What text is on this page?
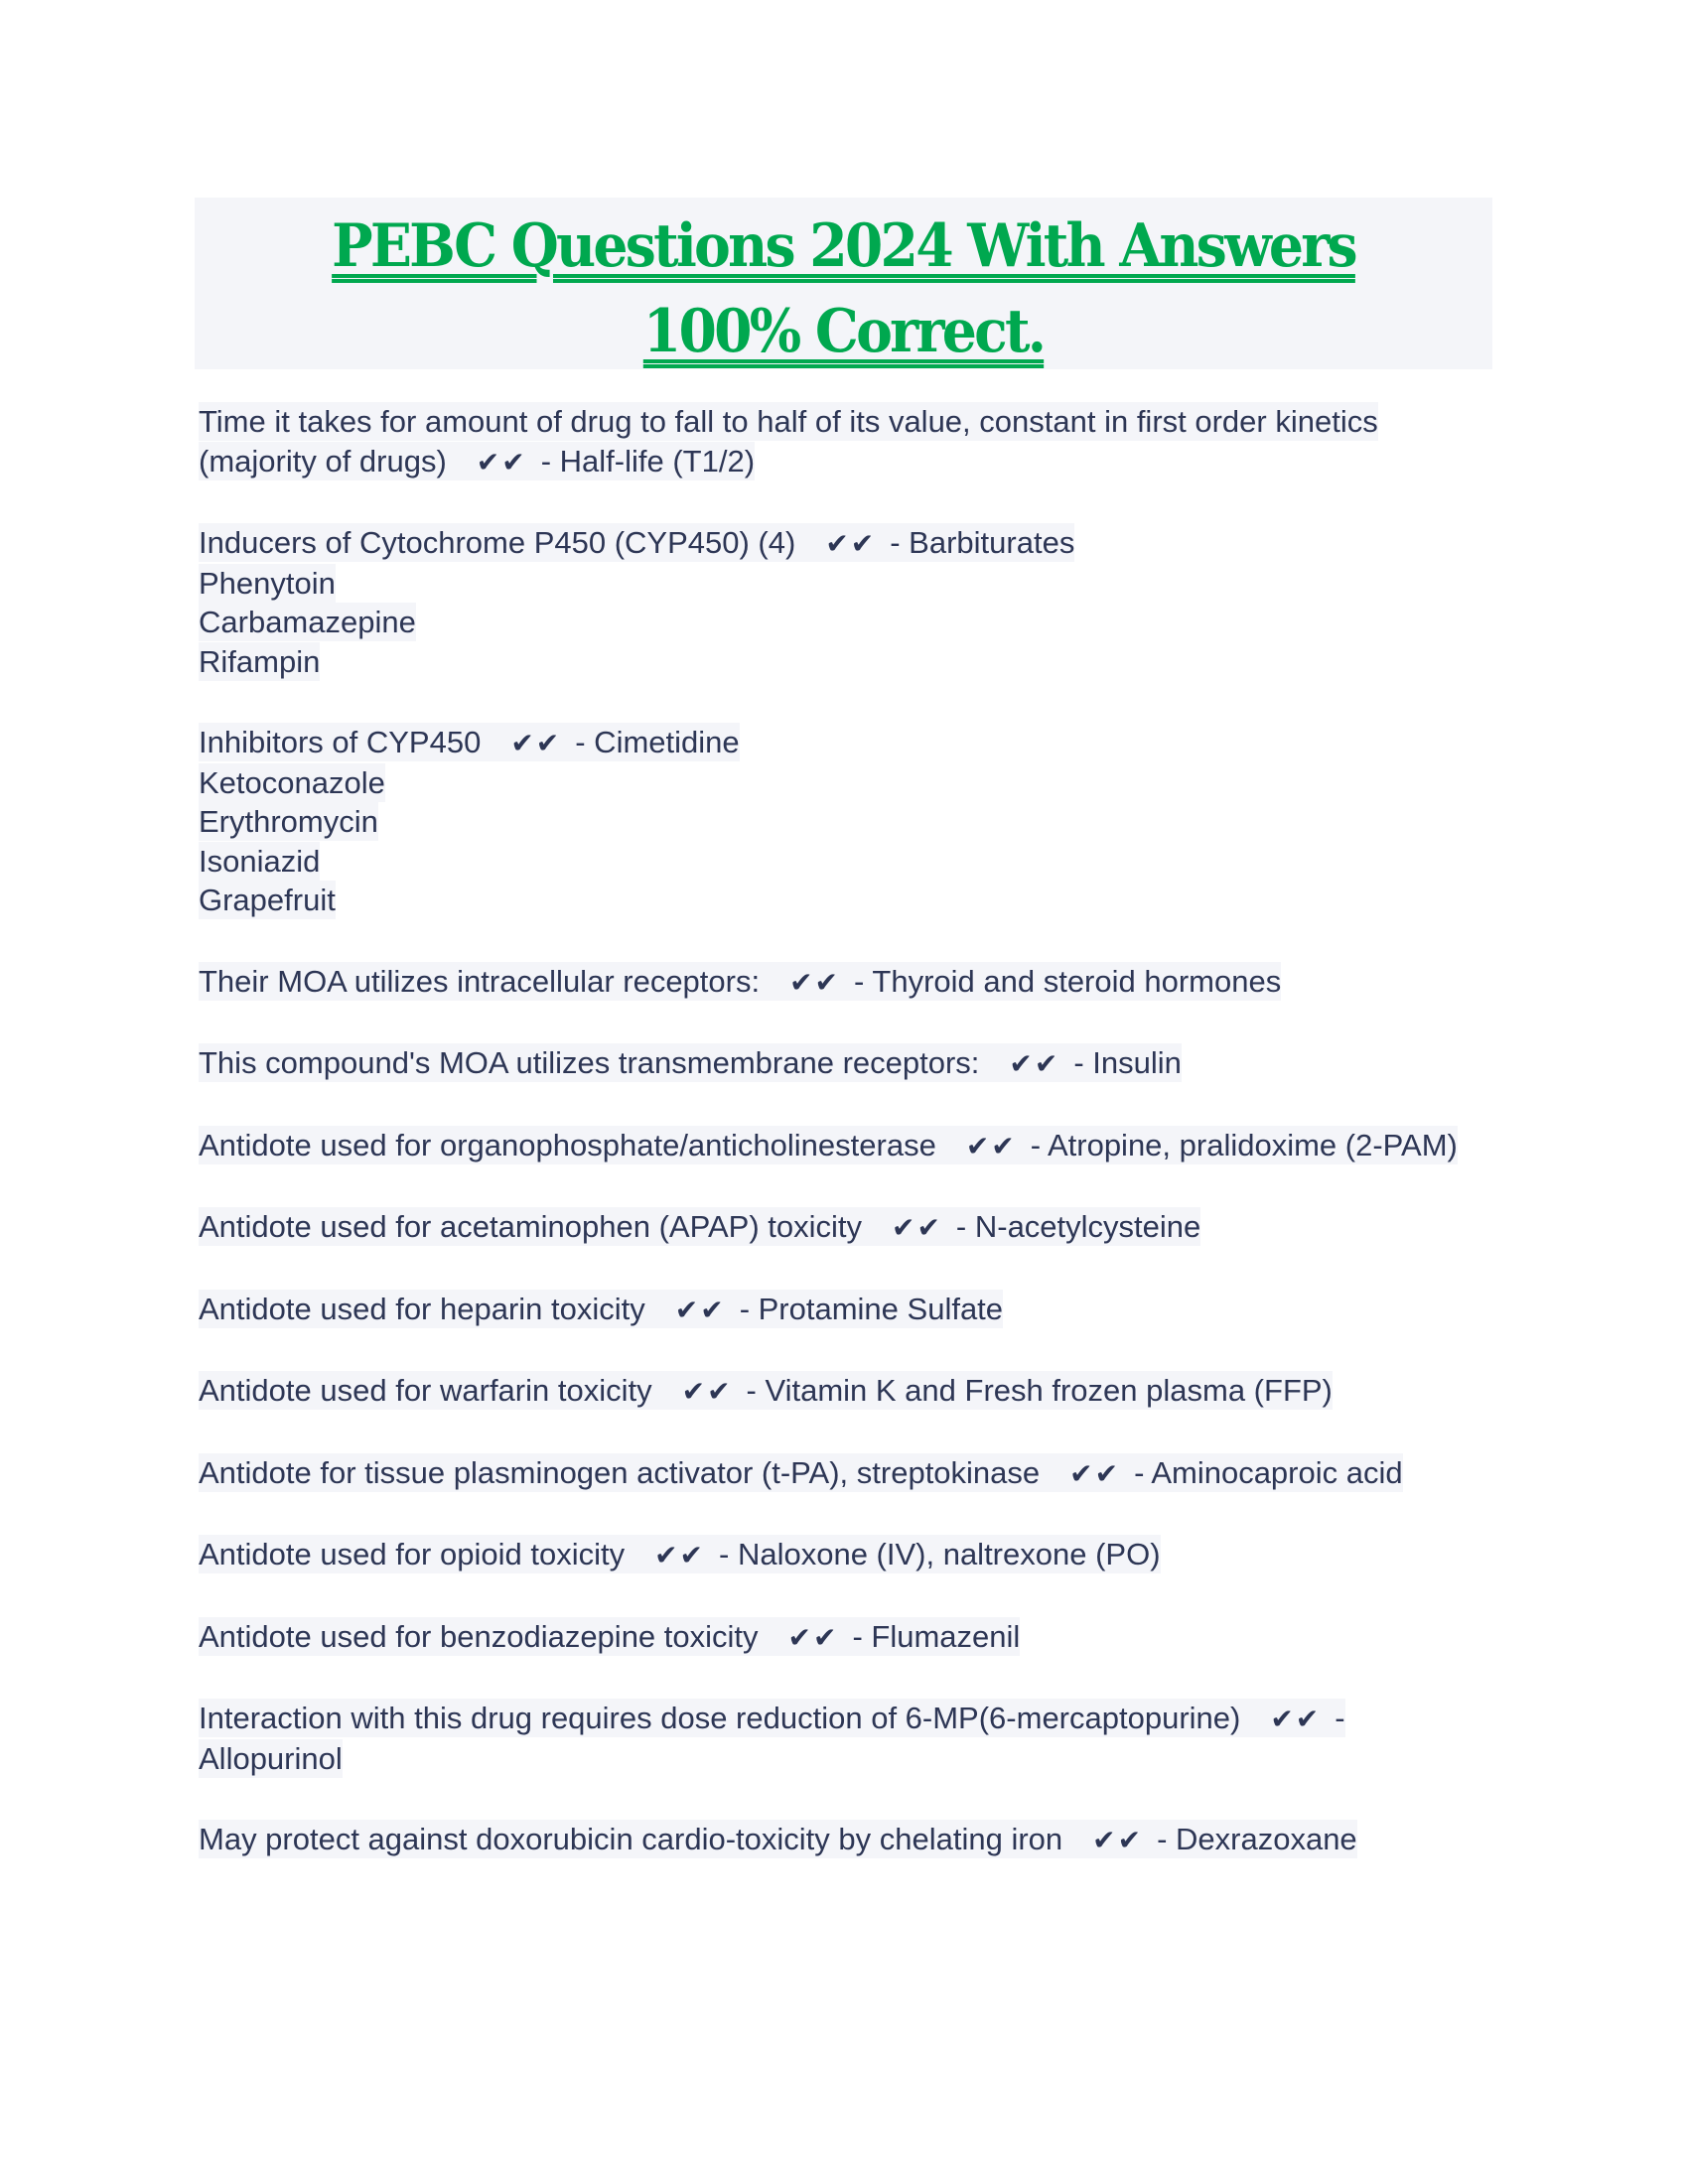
PEBC Questions 2024 With Answers
100% Correct.
Time it takes for amount of drug to fall to half of its value, constant in first order kinetics (majority of drugs) ✔✔ - Half-life (T1/2)
Inducers of Cytochrome P450 (CYP450) (4) ✔✔ - Barbiturates
Phenytoin
Carbamazepine
Rifampin
Inhibitors of CYP450 ✔✔ - Cimetidine
Ketoconazole
Erythromycin
Isoniazid
Grapefruit
Their MOA utilizes intracellular receptors: ✔✔ - Thyroid and steroid hormones
This compound's MOA utilizes transmembrane receptors: ✔✔ - Insulin
Antidote used for organophosphate/anticholinesterase ✔✔ - Atropine, pralidoxime (2-PAM)
Antidote used for acetaminophen (APAP) toxicity ✔✔ - N-acetylcysteine
Antidote used for heparin toxicity ✔✔ - Protamine Sulfate
Antidote used for warfarin toxicity ✔✔ - Vitamin K and Fresh frozen plasma (FFP)
Antidote for tissue plasminogen activator (t-PA), streptokinase ✔✔ - Aminocaproic acid
Antidote used for opioid toxicity ✔✔ - Naloxone (IV), naltrexone (PO)
Antidote used for benzodiazepine toxicity ✔✔ - Flumazenil
Interaction with this drug requires dose reduction of 6-MP(6-mercaptopurine) ✔✔ - Allopurinol
May protect against doxorubicin cardio-toxicity by chelating iron ✔✔ - Dexrazoxane
